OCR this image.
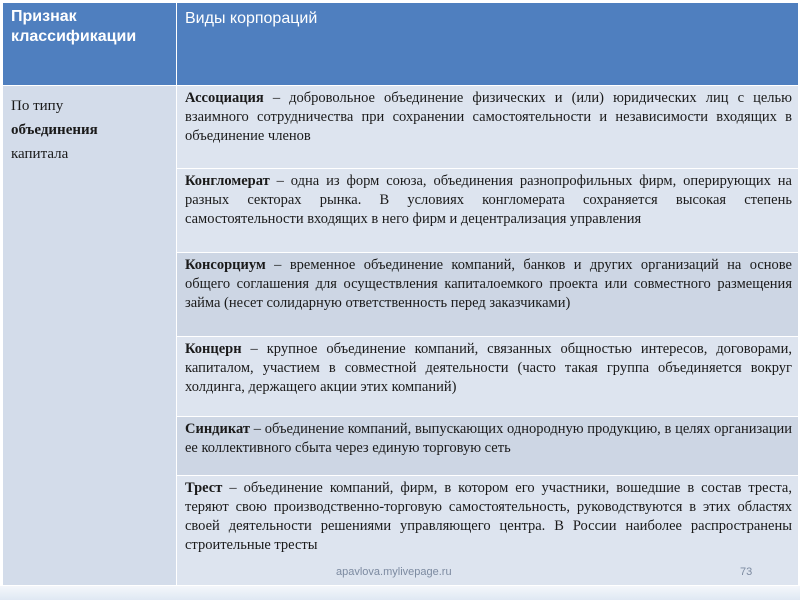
Признак
классификации	Виды корпораций
По типу
объединения
капитала	Ассоциация – добровольное объединение физических и (или) юридических лиц с целью взаимного сотрудничества при сохранении самостоятельности и независимости входящих в объединение членов
	Конгломерат – одна из форм союза, объединения разнопрофильных фирм, оперирующих на разных секторах рынка. В условиях конгломерата сохраняется высокая степень самостоятельности входящих в него фирм и децентрализация управления
	Консорциум – временное объединение компаний, банков и других организаций на основе общего соглашения для осуществления капиталоемкого проекта или совместного размещения займа (несет солидарную ответственность перед заказчиками)
	Концерн – крупное объединение компаний, связанных общностью интересов, договорами, капиталом, участием в совместной деятельности (часто такая группа объединяется вокруг холдинга, держащего акции этих компаний)
	Синдикат – объединение компаний, выпускающих однородную продукцию, в целях организации ее коллективного сбыта через единую торговую сеть
	Трест – объединение компаний, фирм, в котором его участники, вошедшие в состав треста, теряют свою производственно-торговую самостоятельность, руководствуются в этих областях своей деятельности решениями управляющего центра. В России наиболее распространены строительные тресты
apavlova.mylivepage.ru	73
